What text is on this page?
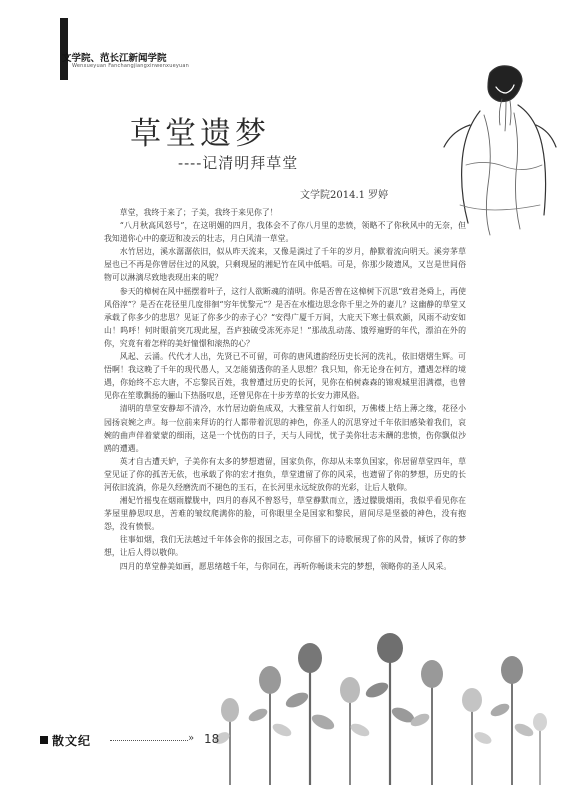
文学院、范长江新闻学院
Wenxueyuan Fanchangjiangxinwenxueyuan
草堂遗梦
----记清明拜草堂
文学院2014.1 罗婷

草堂，我终于来了；子美，我终于来见你了！

“八月秋高风怒号”，在这明媚的四月，我体会不了你八月里的悲愤，领略不了你秋风中的无奈，但我知道你心中的豪迈和凌云的壮志，月白风清一草堂。

水竹居边，溪水潺潺依旧，似从昨天流来，又像是淌过了千年的岁月，静默着流向明天。溪旁茅草屋也已不再是你曾居住过的风貌，只剩现屋的湘妃竹在风中低唱。可是，你那少陵遗风，又岂是世间俗物可以淋漓尽致地表现出来的呢？

参天的樟树在风中摇摆着叶子，这行人欲断魂的清明。你是否曾在这樟树下沉思“致君尧舜上，再使风俗淳”？是否在花径里几度徘徊“穷年忧黎元”？是否在水槛边思念你千里之外的妻儿？这幽静的草堂又承载了你多少的悲思？见证了你多少的赤子心？“安得广厦千万间，大庇天下寒士俱欢颜，风雨不动安如山！呜呼！何时眼前突兀现此屋，吾庐独破受冻死亦足！”那战乱动荡、饿殍遍野的年代，漂泊在外的你，究竟有着怎样的美好憧憬和滚热的心？

风起、云涌。代代才人出，先贤已不可留，可你的唐风遗韵经历史长河的洗礼，依旧熠熠生辉。可悟啊！我这晚了千年的现代愚人，又怎能猜透你的圣人思想？我只知，你无论身在何方，遭遇怎样的境遇，你始终不忘大唐，不忘黎民百姓，我曾遭过历史的长河，见你在柏树森森的锦观城里泪满襟，也曾见你在笙歌飘扬的骊山下热肠叹息，还曾见你在十步芳草的长安力滞风俗。

清明的草堂安静却不清冷，水竹居边蔚鱼成双，大雅堂前人行如织，万佛楼上结上薄之缘，花径小园扬哀婉之声。每一位前来拜访的行人都带着沉思的神色，你圣人的沉思穿过千年依旧感染着我们，哀婉的曲声伴着蒙蒙的细雨，这是一个忧伤的日子，天与人同忧，忧子美你壮志未酬的悲愤，伤你飘似沙鸥的遭遇。

英才自古遭天妒，子美你有太多的梦想遗留，国家负你，你却从未辜负国家，你居留草堂四年，草堂见证了你的孤苦无依，也承载了你的宏才抱负，草堂遗留了你的风采，也遗留了你的梦想，历史的长河依旧流淌，你是久经磨洗而不褪色的玉石，在长河里永远绽放你的光彩，让后人敬仰。

湘妃竹摇曳在烟雨朦胧中，四月的春风不曾怒号，草堂静默而立，透过朦胧烟雨，我似乎看见你在茅屋里静思叹息，苦难的皱纹爬满你的脸，可你眼里全是国家和黎民，眉间尽是坚毅的神色，没有抱怨，没有愤恨。

往事如烟，我们无法越过千年体会你的报国之志，可你留下的诗歌展现了你的风骨，倾诉了你的梦想，让后人得以敬仰。

四月的草堂静美如画，愿思绪越千年，与你同在，再听你畅谈未完的梦想，领略你的圣人风采。

散文纪	» 18
